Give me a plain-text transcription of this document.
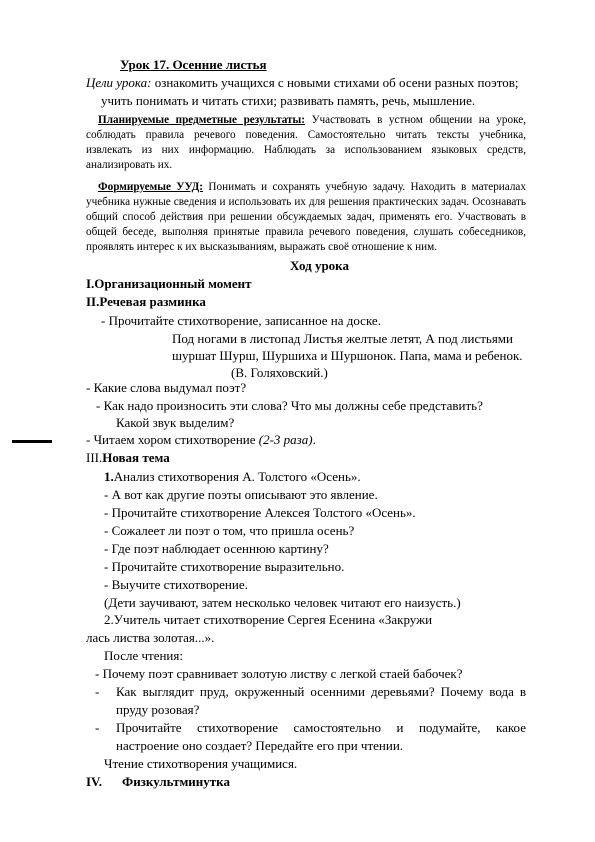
Урок 17. Осенние листья
Цели урока: ознакомить учащихся с новыми стихами об осени разных поэтов;
учить понимать и читать стихи; развивать память, речь, мышление.
Планируемые предметные результаты: Участвовать в устном общении на уроке,
соблюдать правила речевого поведения. Самостоятельно читать тексты учебника,
извлекать из них информацию. Наблюдать за использованием языковых средств,
анализировать их.
Формируемые УУД: Понимать и сохранять учебную задачу. Находить в материалах
учебника нужные сведения и использовать их для решения практических задач. Осознавать
общий способ действия при решении обсуждаемых задач, применять его. Участвовать в
общей беседе, выполняя принятые правила речевого поведения, слушать собеседников,
проявлять интерес к их высказываниям, выражать своё отношение к ним.
Ход урока
I.Организационный момент
II.Речевая разминка
- Прочитайте стихотворение, записанное на доске.
Под ногами в листопад Листья желтые летят, А под листьями
шуршат Шурш, Шуршиха и Шуршонок. Папа, мама и ребенок.
(В. Голяховский.)
- Какие слова выдумал поэт?
- Как надо произносить эти слова? Что мы должны себе представить?
Какой звук выделим?
- Читаем хором стихотворение (2-3 раза).
III.Новая тема
1.Анализ стихотворения А. Толстого «Осень».
- А вот как другие поэты описывают это явление.
- Прочитайте стихотворение Алексея Толстого «Осень».
- Сожалеет ли поэт о том, что пришла осень?
- Где поэт наблюдает осеннюю картину?
- Прочитайте стихотворение выразительно.
- Выучите стихотворение.
(Дети заучивают, затем несколько человек читают его наизусть.)
2.Учитель читает стихотворение Сергея Есенина «Закружи
лась листва золотая...».
После чтения:
- Почему поэт сравнивает золотую листву с легкой стаей бабочек?
- Как выглядит пруд, окруженный осенними деревьями? Почему вода в
пруду розовая?
- Прочитайте стихотворение самостоятельно и подумайте, какое
настроение оно создает? Передайте его при чтении.
Чтение стихотворения учащимися.
IV. Физкультминутка
